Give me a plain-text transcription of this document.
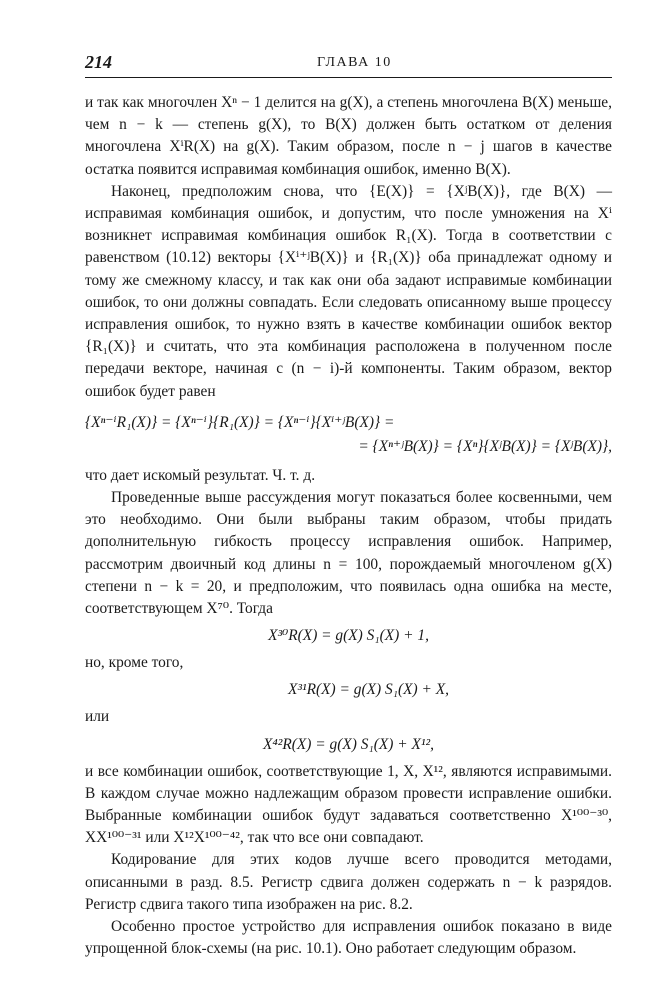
214	ГЛАВА 10

и так как многочлен Xⁿ − 1 делится на g(X), а степень многочлена B(X) меньше, чем n − k — степень g(X), то B(X) должен быть остатком от деления многочлена XⁱR(X) на g(X). Таким образом, после n − j шагов в качестве остатка появится исправимая комбинация ошибок, именно B(X).

Наконец, предположим снова, что {E(X)} = {XʲB(X)}, где B(X) — исправимая комбинация ошибок, и допустим, что после умножения на Xⁱ возникнет исправимая комбинация ошибок R₁(X). Тогда в соответствии с равенством (10.12) векторы {Xⁱ⁺ʲB(X)} и {R₁(X)} оба принадлежат одному и тому же смежному классу, и так как они оба задают исправимые комбинации ошибок, то они должны совпадать. Если следовать описанному выше процессу исправления ошибок, то нужно взять в качестве комбинации ошибок вектор {R₁(X)} и считать, что эта комбинация расположена в полученном после передачи векторе, начиная с (n − i)-й компоненты. Таким образом, вектор ошибок будет равен

{Xⁿ⁻ⁱR₁(X)} = {Xⁿ⁻ⁱ}{R₁(X)} = {Xⁿ⁻ⁱ}{Xⁱ⁺ʲB(X)} =
= {Xⁿ⁺ʲB(X)} = {Xⁿ}{XʲB(X)} = {XʲB(X)},

что дает искомый результат. Ч. т. д.

Проведенные выше рассуждения могут показаться более косвенными, чем это необходимо. Они были выбраны таким образом, чтобы придать дополнительную гибкость процессу исправления ошибок. Например, рассмотрим двоичный код длины n = 100, порождаемый многочленом g(X) степени n − k = 20, и предположим, что появилась одна ошибка на месте, соответствующем X⁷⁰. Тогда

X³⁰R(X) = g(X) S₁(X) + 1,

но, кроме того,

X³¹R(X) = g(X) S₁(X) + X,

или

X⁴²R(X) = g(X) S₁(X) + X¹²,

и все комбинации ошибок, соответствующие 1, X, X¹², являются исправимыми. В каждом случае можно надлежащим образом провести исправление ошибки. Выбранные комбинации ошибок будут задаваться соответственно X¹⁰⁰⁻³⁰, XX¹⁰⁰⁻³¹ или X¹²X¹⁰⁰⁻⁴², так что все они совпадают.

Кодирование для этих кодов лучше всего проводится методами, описанными в разд. 8.5. Регистр сдвига должен содержать n − k разрядов. Регистр сдвига такого типа изображен на рис. 8.2.

Особенно простое устройство для исправления ошибок показано в виде упрощенной блок-схемы (на рис. 10.1). Оно работает следующим образом.
